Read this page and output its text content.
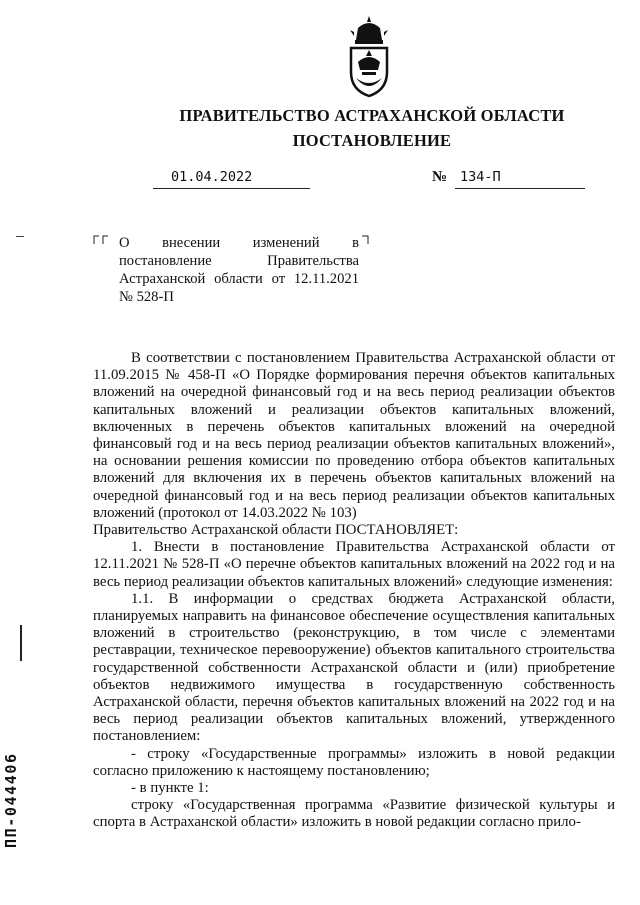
ПРАВИТЕЛЬСТВО АСТРАХАНСКОЙ ОБЛАСТИ
ПОСТАНОВЛЕНИЕ
01.04.2022	№ 134-П
ПП-044406
О внесении изменений в постановление Правительства Астраханской области от 12.11.2021 № 528-П

В соответствии с постановлением Правительства Астраханской области от 11.09.2015 № 458-П «О Порядке формирования перечня объектов капитальных вложений на очередной финансовый год и на весь период реализации объектов капитальных вложений и реализации объектов капитальных вложений, включенных в перечень объектов капитальных вложений на очередной финансовый год и на весь период реализации объектов капитальных вложений», на основании решения комиссии по проведению отбора объектов капитальных вложений для включения их в перечень объектов капитальных вложений на очередной финансовый год и на весь период реализации объектов капитальных вложений (протокол от 14.03.2022 № 103)

Правительство Астраханской области ПОСТАНОВЛЯЕТ:

1. Внести в постановление Правительства Астраханской области от 12.11.2021 № 528-П «О перечне объектов капитальных вложений на 2022 год и на весь период реализации объектов капитальных вложений» следующие изменения:

1.1. В информации о средствах бюджета Астраханской области, планируемых направить на финансовое обеспечение осуществления капитальных вложений в строительство (реконструкцию, в том числе с элементами реставрации, техническое перевооружение) объектов капитального строительства государственной собственности Астраханской области и (или) приобретение объектов недвижимого имущества в государственную собственность Астраханской области, перечня объектов капитальных вложений на 2022 год и на весь период реализации объектов капитальных вложений, утвержденного постановлением:

- строку «Государственные программы» изложить в новой редакции согласно приложению к настоящему постановлению;

- в пункте 1:

строку «Государственная программа «Развитие физической культуры и спорта в Астраханской области» изложить в новой редакции согласно прило-
